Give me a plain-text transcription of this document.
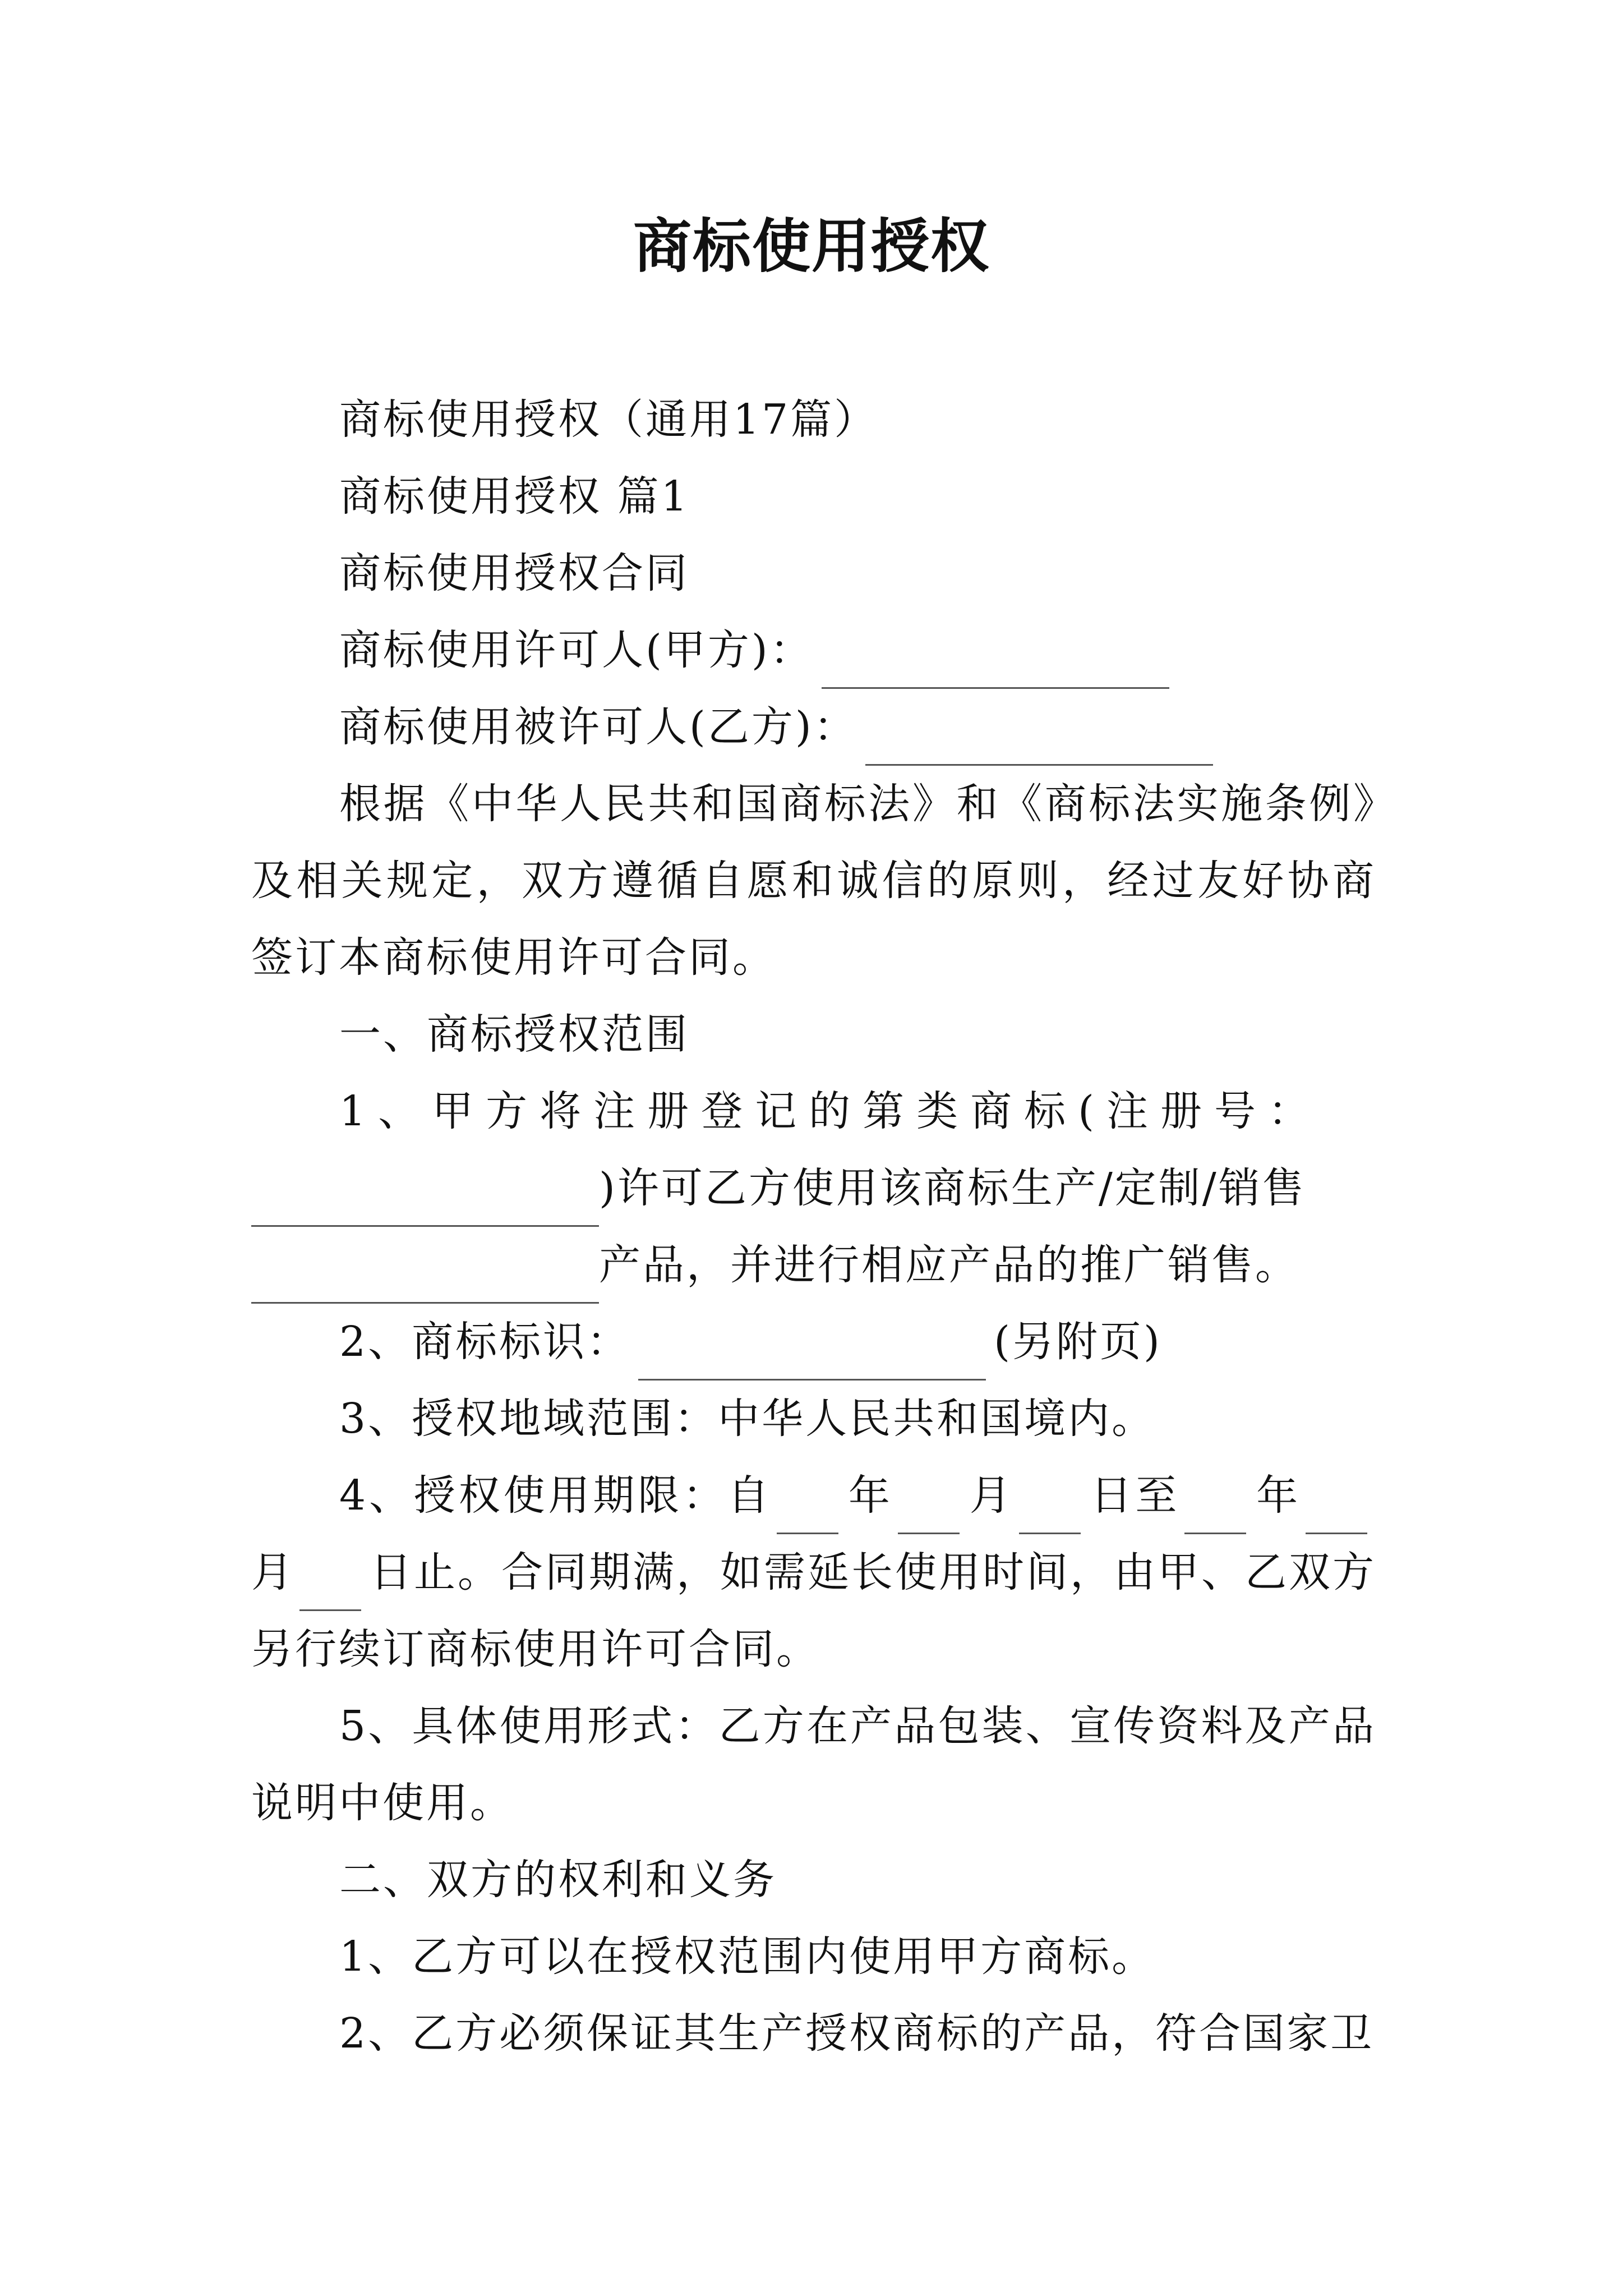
商标使用授权

商标使用授权（通用17篇）

商标使用授权 篇1

商标使用授权合同

商标使用许可人(甲方)：

商标使用被许可人(乙方)：

根据《中华人民共和国商标法》和《商标法实施条例》及相关规定，双方遵循自愿和诚信的原则，经过友好协商签订本商标使用许可合同。

一、商标授权范围

1、甲方将注册登记的第类商标(注册号：

)许可乙方使用该商标生产/定制/销售

产品，并进行相应产品的推广销售。

2、商标标识：	(另附页)

3、授权地域范围：中华人民共和国境内。

4、授权使用期限：自 年 月 日至 年月 日止。合同期满，如需延长使用时间，由甲、乙双方另行续订商标使用许可合同。

5、具体使用形式：乙方在产品包装、宣传资料及产品说明中使用。

二、双方的权利和义务

1、乙方可以在授权范围内使用甲方商标。

2、乙方必须保证其生产授权商标的产品，符合国家卫
